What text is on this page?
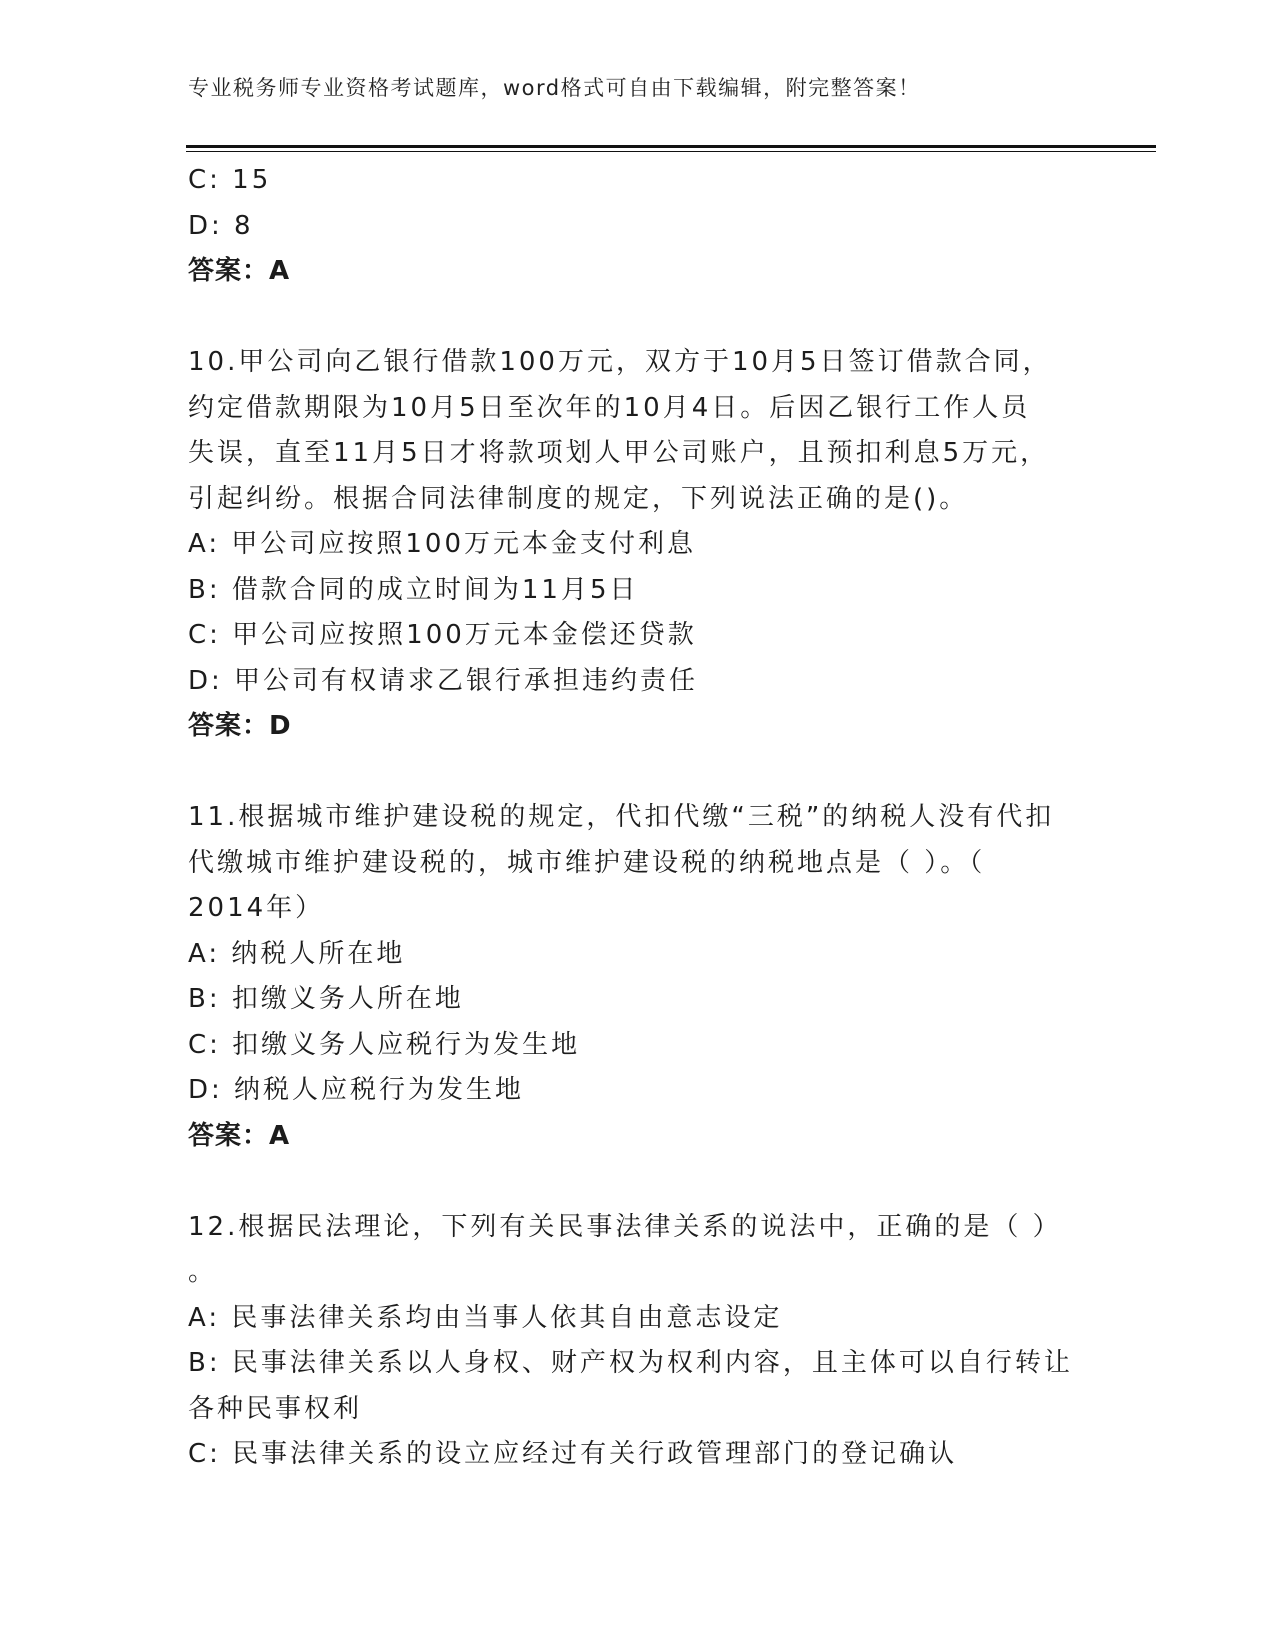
专业税务师专业资格考试题库，word格式可自由下载编辑，附完整答案！
C: 15
D: 8
答案：A
10.甲公司向乙银行借款100万元，双方于10月5日签订借款合同，
约定借款期限为10月5日至次年的10月4日。后因乙银行工作人员
失误，直至11月5日才将款项划人甲公司账户，且预扣利息5万元，
引起纠纷。根据合同法律制度的规定，下列说法正确的是()。
A: 甲公司应按照100万元本金支付利息
B: 借款合同的成立时间为11月5日
C: 甲公司应按照100万元本金偿还贷款
D: 甲公司有权请求乙银行承担违约责任
答案：D
11.根据城市维护建设税的规定，代扣代缴“三税”的纳税人没有代扣
代缴城市维护建设税的，城市维护建设税的纳税地点是（ ）。（
2014年）
A: 纳税人所在地
B: 扣缴义务人所在地
C: 扣缴义务人应税行为发生地
D: 纳税人应税行为发生地
答案：A
12.根据民法理论，下列有关民事法律关系的说法中，正确的是（ ）
。
A: 民事法律关系均由当事人依其自由意志设定
B: 民事法律关系以人身权、财产权为权利内容，且主体可以自行转让
各种民事权利
C: 民事法律关系的设立应经过有关行政管理部门的登记确认
